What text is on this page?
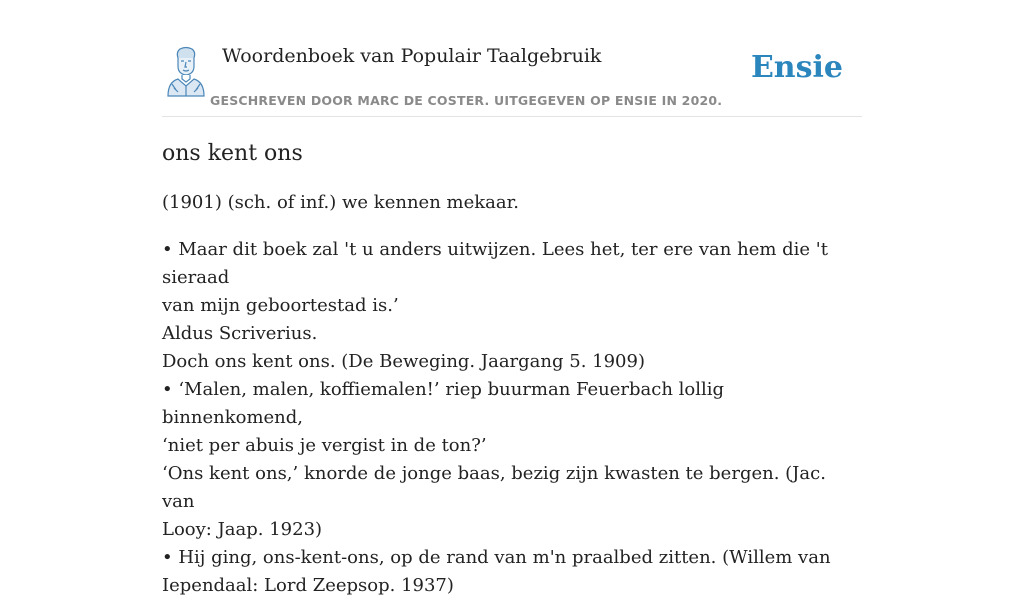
Woordenboek van Populair Taalgebruik
GESCHREVEN DOOR MARC DE COSTER. UITGEGEVEN OP ENSIE IN 2020.
Ensie
ons kent ons

(1901) (sch. of inf.) we kennen mekaar.

• Maar dit boek zal 't u anders uitwijzen. Lees het, ter ere van hem die 't sieraad
van mijn geboortestad is.’
Aldus Scriverius.
Doch ons kent ons. (De Beweging. Jaargang 5. 1909)
• ‘Malen, malen, koffiemalen!’ riep buurman Feuerbach lollig binnenkomend,
‘niet per abuis je vergist in de ton?’
‘Ons kent ons,’ knorde de jonge baas, bezig zijn kwasten te bergen. (Jac. van
Looy: Jaap. 1923)
• Hij ging, ons-kent-ons, op de rand van m'n praalbed zitten. (Willem van
Iependaal: Lord Zeepsop. 1937)
